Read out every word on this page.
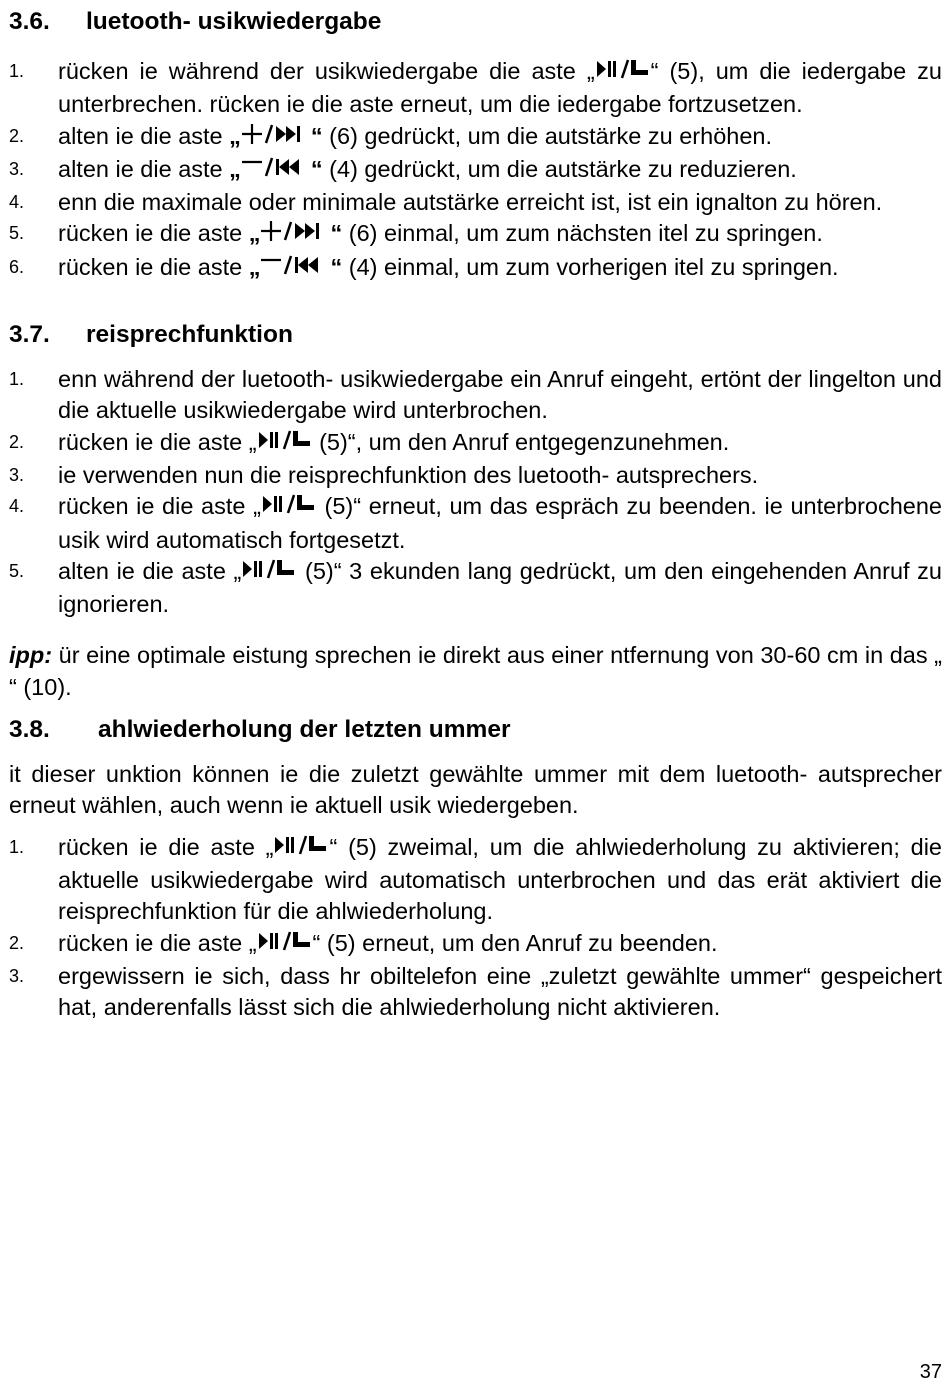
3.6. luetooth- usikwiedergabe
1. rücken ie während der usikwiedergabe die aste „ “ (5), um die iedergabe zu unterbrechen. rücken ie die aste erneut, um die iedergabe fortzusetzen.
2. alten ie die aste „	“ (6) gedrückt, um die autstärke zu erhöhen.
3. alten ie die aste „	“ (4) gedrückt, um die autstärke zu reduzieren.
4. enn die maximale oder minimale autstärke erreicht ist, ist ein ignalton zu hören.
5. rücken ie die aste „	“ (6) einmal, um zum nächsten itel zu springen.
6. rücken ie die aste „	“ (4) einmal, um zum vorherigen itel zu springen.
3.7. reisprechfunktion
1. enn während der luetooth- usikwiedergabe ein Anruf eingeht, ertönt der lingelton und die aktuelle usikwiedergabe wird unterbrochen.
2. rücken ie die aste „ (5)“, um den Anruf entgegenzunehmen.
3. ie verwenden nun die reisprechfunktion des luetooth- autsprechers.
4. rücken ie die aste „ (5)“ erneut, um das espräch zu beenden. ie unterbrochene usik wird automatisch fortgesetzt.
5. alten ie die aste „ (5)“ 3 ekunden lang gedrückt, um den eingehenden Anruf zu ignorieren.

ipp: ür eine optimale eistung sprechen ie direkt aus einer ntfernung von 30-60 cm in das „ “ (10).

3.8. ahlwiederholung der letzten ummer

it dieser unktion können ie die zuletzt gewählte ummer mit dem luetooth- autsprecher erneut wählen, auch wenn ie aktuell usik wiedergeben.

1. rücken ie die aste „ “ (5) zweimal, um die ahlwiederholung zu aktivieren; die aktuelle usikwiedergabe wird automatisch unterbrochen und das erät aktiviert die reisprechfunktion für die ahlwiederholung.
2. rücken ie die aste „ “ (5) erneut, um den Anruf zu beenden.
3. ergewissern ie sich, dass hr obiltelefon eine „zuletzt gewählte ummer“ gespeichert hat, anderenfalls lässt sich die ahlwiederholung nicht aktivieren.
37
